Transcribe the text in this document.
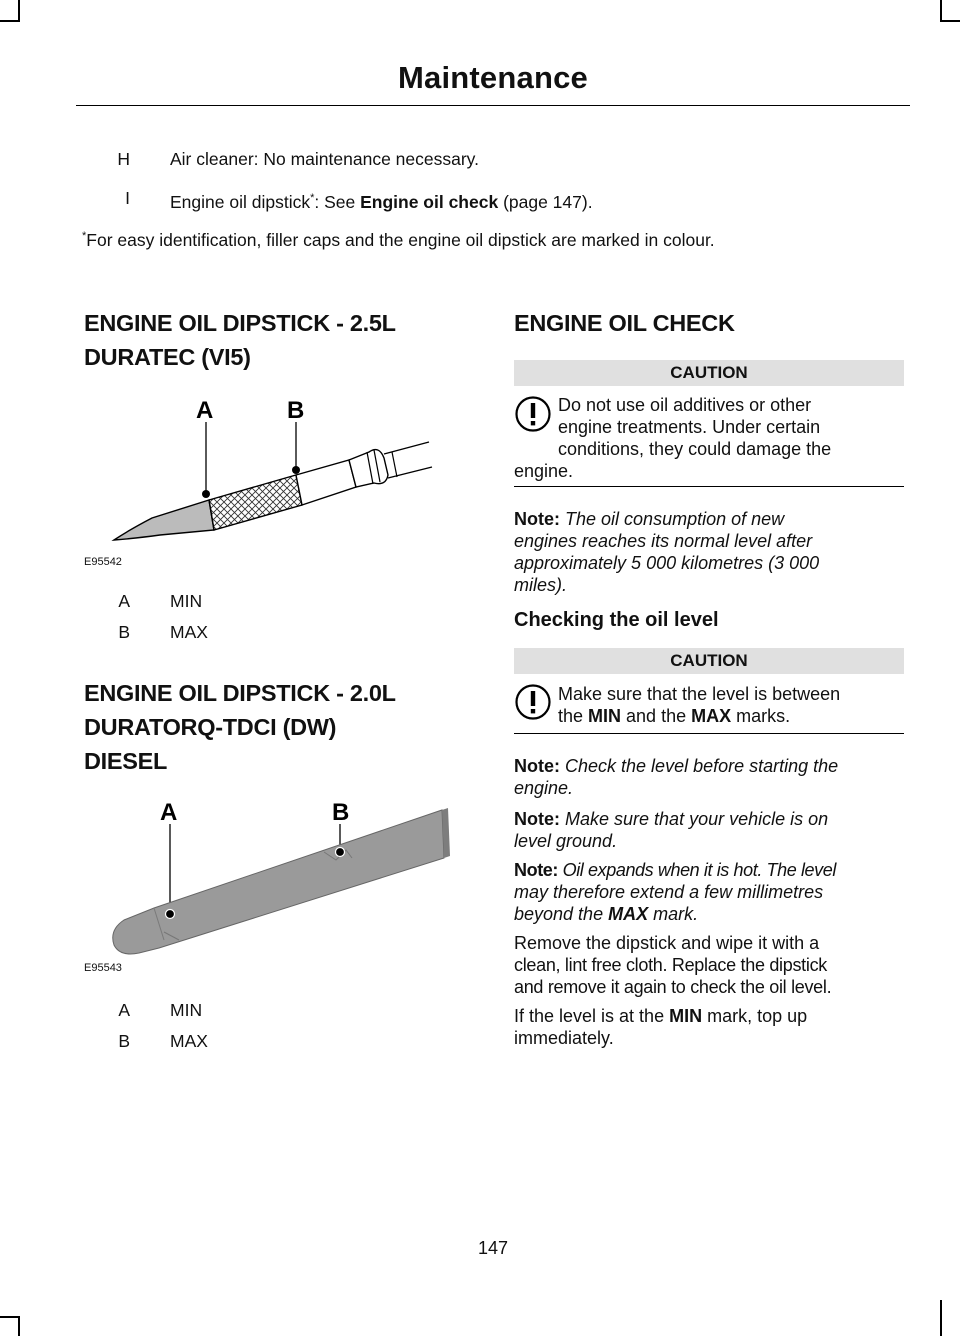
Maintenance
H Air cleaner: No maintenance necessary.
I Engine oil dipstick*: See Engine oil check (page 147).
*For easy identification, filler caps and the engine oil dipstick are marked in colour.
ENGINE OIL DIPSTICK - 2.5L
DURATEC (VI5)
A	B
E95542
A MIN
B MAX
ENGINE OIL DIPSTICK - 2.0L
DURATORQ-TDCI (DW)
DIESEL
A	B
E95543
A MIN
B MAX
ENGINE OIL CHECK
CAUTION
Do not use oil additives or other
engine treatments. Under certain
conditions, they could damage the
engine.
Note: The oil consumption of new
engines reaches its normal level after
approximately 5 000 kilometres (3 000
miles).
Checking the oil level
CAUTION
Make sure that the level is between
the MIN and the MAX marks.
Note: Check the level before starting the
engine.
Note: Make sure that your vehicle is on
level ground.
Note: Oil expands when it is hot. The level
may therefore extend a few millimetres
beyond the MAX mark.
Remove the dipstick and wipe it with a
clean, lint free cloth. Replace the dipstick
and remove it again to check the oil level.
If the level is at the MIN mark, top up
immediately.
147
